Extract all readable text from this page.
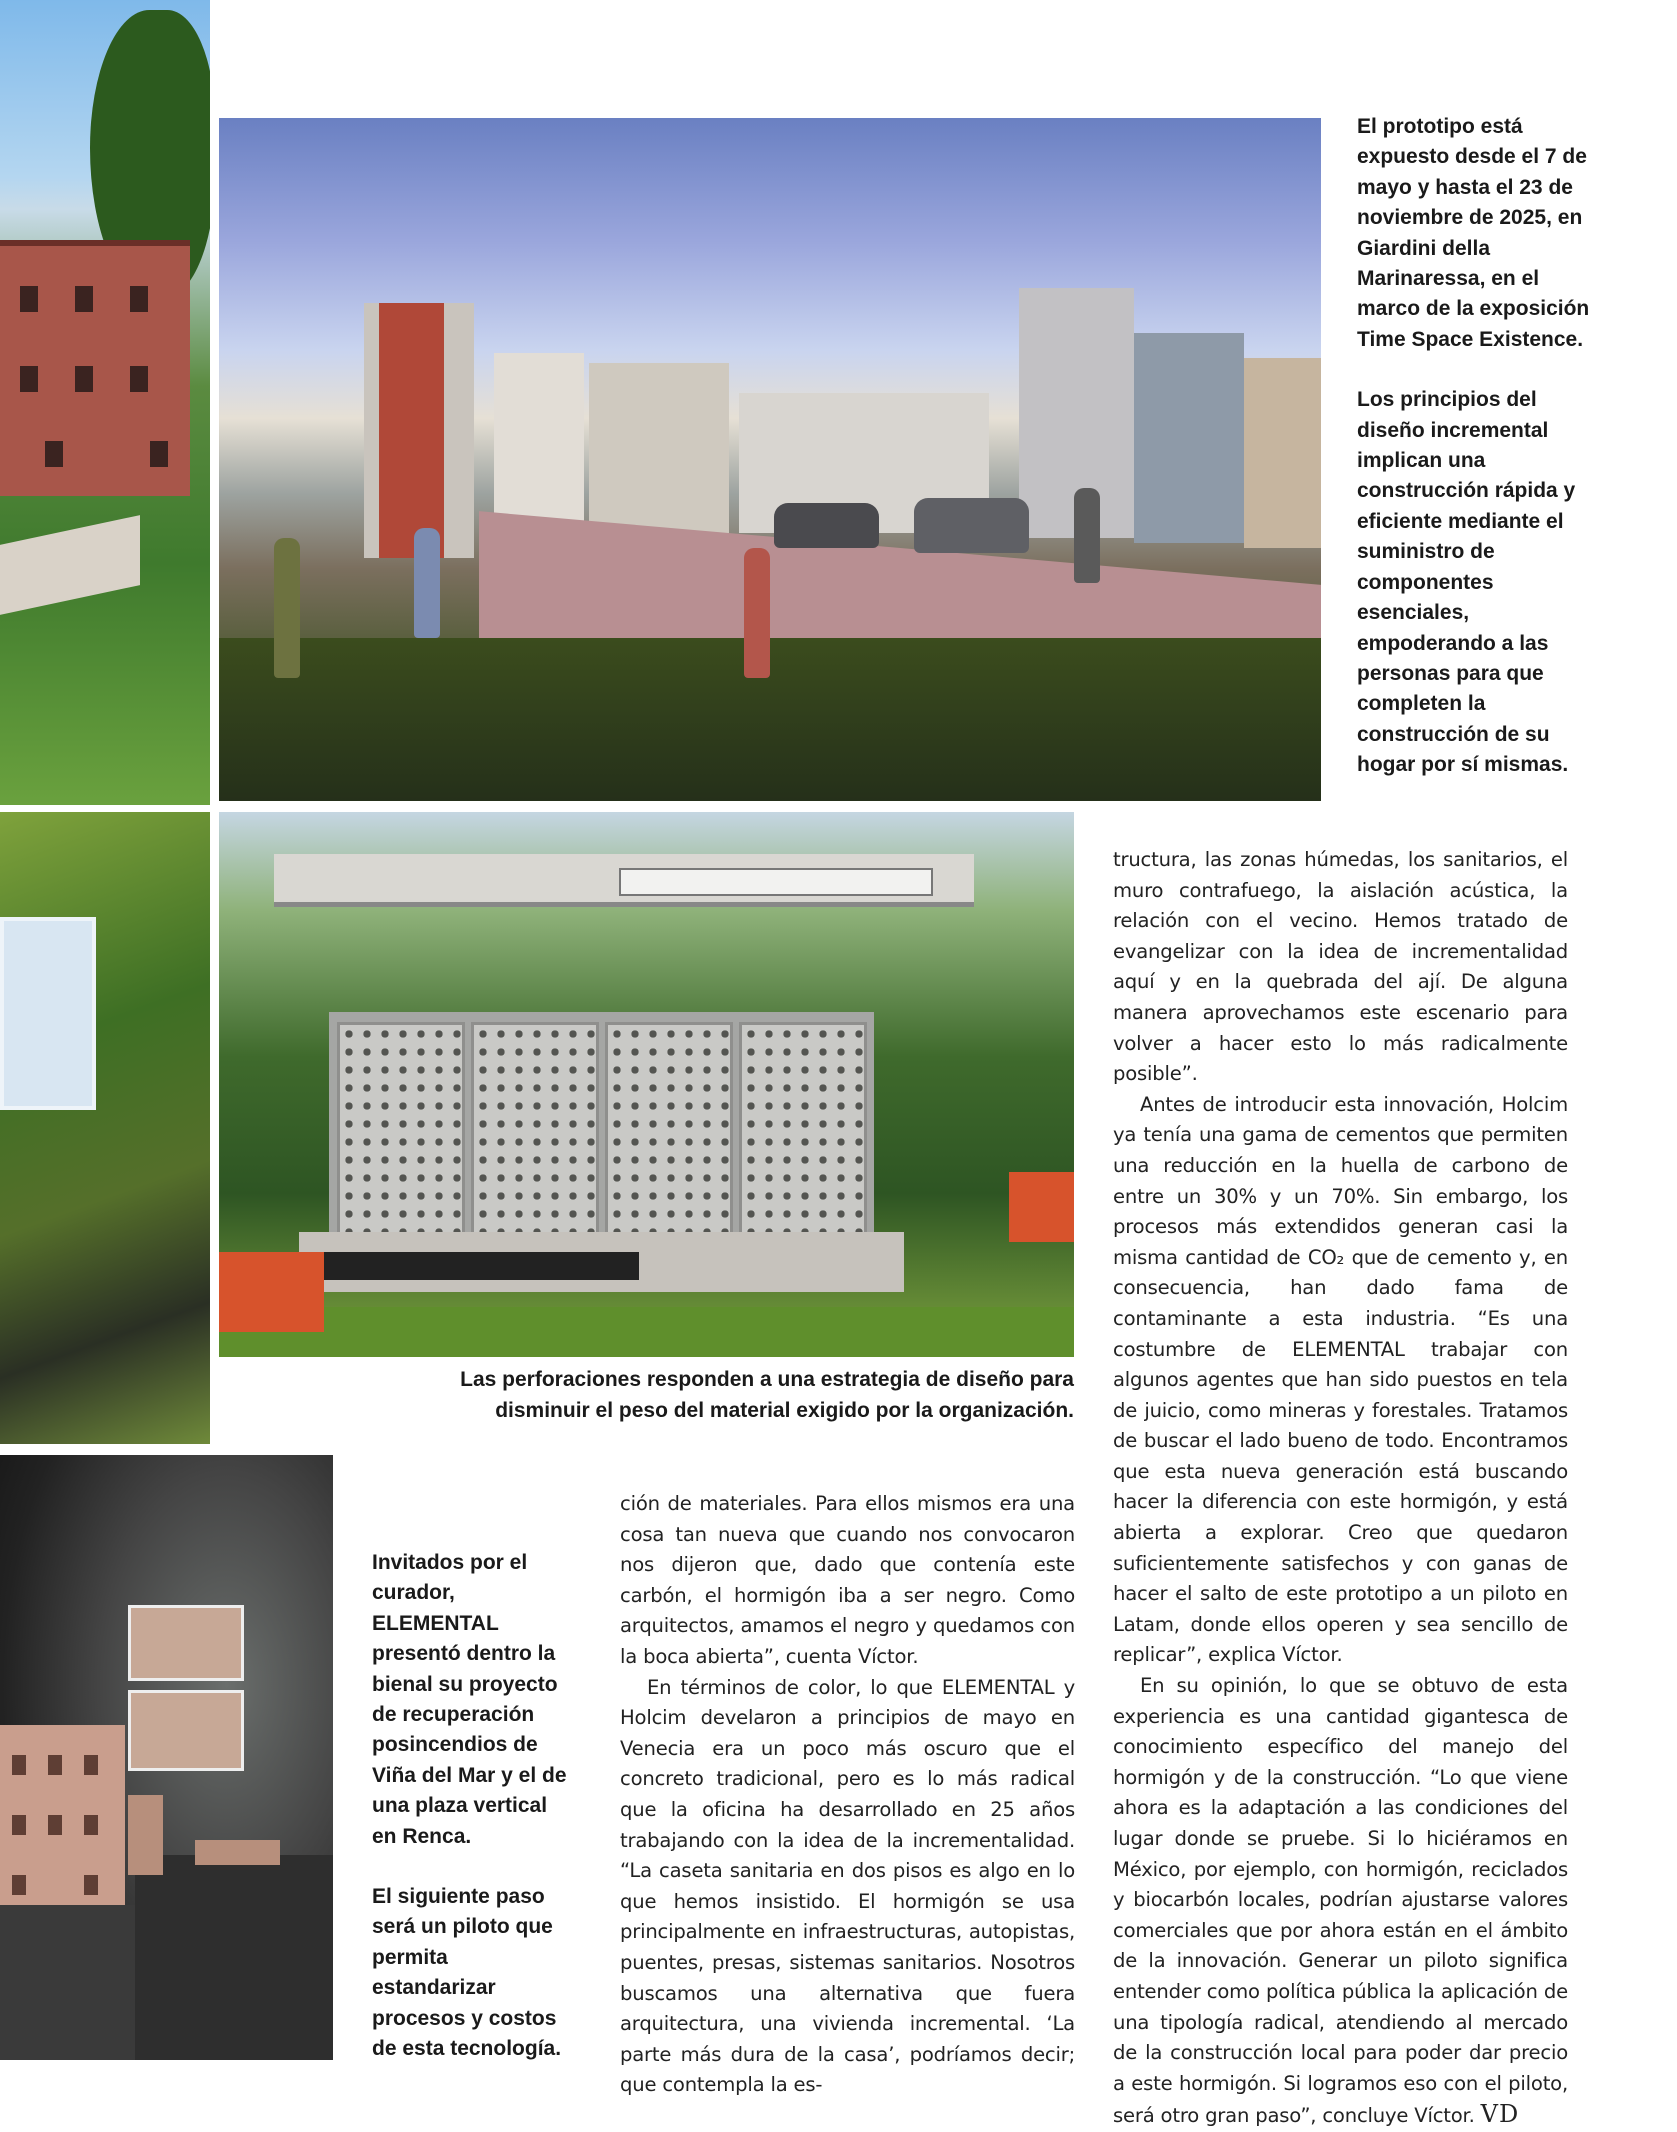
El prototipo está expuesto desde el 7 de mayo y hasta el 23 de noviembre de 2025, en Giardini della Marinaressa, en el marco de la exposición Time Space Existence.

Los principios del diseño incremental implican una construcción rápida y eficiente mediante el suministro de componentes esenciales, empoderando a las personas para que completen la construcción de su hogar por sí mismas.

Las perforaciones responden a una estrategia de diseño para disminuir el peso del material exigido por la organización.

Invitados por el curador, ELEMENTAL presentó dentro la bienal su proyecto de recuperación posincendios de Viña del Mar y el de una plaza vertical en Renca.

El siguiente paso será un piloto que permita estandarizar procesos y costos de esta tecnología.

ción de materiales. Para ellos mismos era una cosa tan nueva que cuando nos convocaron nos dijeron que, dado que contenía este carbón, el hormigón iba a ser negro. Como arquitectos, amamos el negro y quedamos con la boca abierta”, cuenta Víctor.

En términos de color, lo que ELEMENTAL y Holcim develaron a principios de mayo en Venecia era un poco más oscuro que el concreto tradicional, pero es lo más radical que la oficina ha desarrollado en 25 años trabajando con la idea de la incrementalidad. “La caseta sanitaria en dos pisos es algo en lo que hemos insistido. El hormigón se usa principalmente en infraestructuras, autopistas, puentes, presas, sistemas sanitarios. Nosotros buscamos una alternativa que fuera arquitectura, una vivienda incremental. ‘La parte más dura de la casa’, podríamos decir; que contempla la es-

tructura, las zonas húmedas, los sanitarios, el muro contrafuego, la aislación acústica, la relación con el vecino. Hemos tratado de evangelizar con la idea de incrementalidad aquí y en la quebrada del ají. De alguna manera aprovechamos este escenario para volver a hacer esto lo más radicalmente posible”.

Antes de introducir esta innovación, Holcim ya tenía una gama de cementos que permiten una reducción en la huella de carbono de entre un 30% y un 70%. Sin embargo, los procesos más extendidos generan casi la misma cantidad de CO₂ que de cemento y, en consecuencia, han dado fama de contaminante a esta industria. “Es una costumbre de ELEMENTAL trabajar con algunos agentes que han sido puestos en tela de juicio, como mineras y forestales. Tratamos de buscar el lado bueno de todo. Encontramos que esta nueva generación está buscando hacer la diferencia con este hormigón, y está abierta a explorar. Creo que quedaron suficientemente satisfechos y con ganas de hacer el salto de este prototipo a un piloto en Latam, donde ellos operen y sea sencillo de replicar”, explica Víctor.

En su opinión, lo que se obtuvo de esta experiencia es una cantidad gigantesca de conocimiento específico del manejo del hormigón y de la construcción. “Lo que viene ahora es la adaptación a las condiciones del lugar donde se pruebe. Si lo hiciéramos en México, por ejemplo, con hormigón, reciclados y biocarbón locales, podrían ajustarse valores comerciales que por ahora están en el ámbito de la innovación. Generar un piloto significa entender como política pública la aplicación de una tipología radical, atendiendo al mercado de la construcción local para poder dar precio a este hormigón. Si logramos eso con el piloto, será otro gran paso”, concluye Víctor. VD
